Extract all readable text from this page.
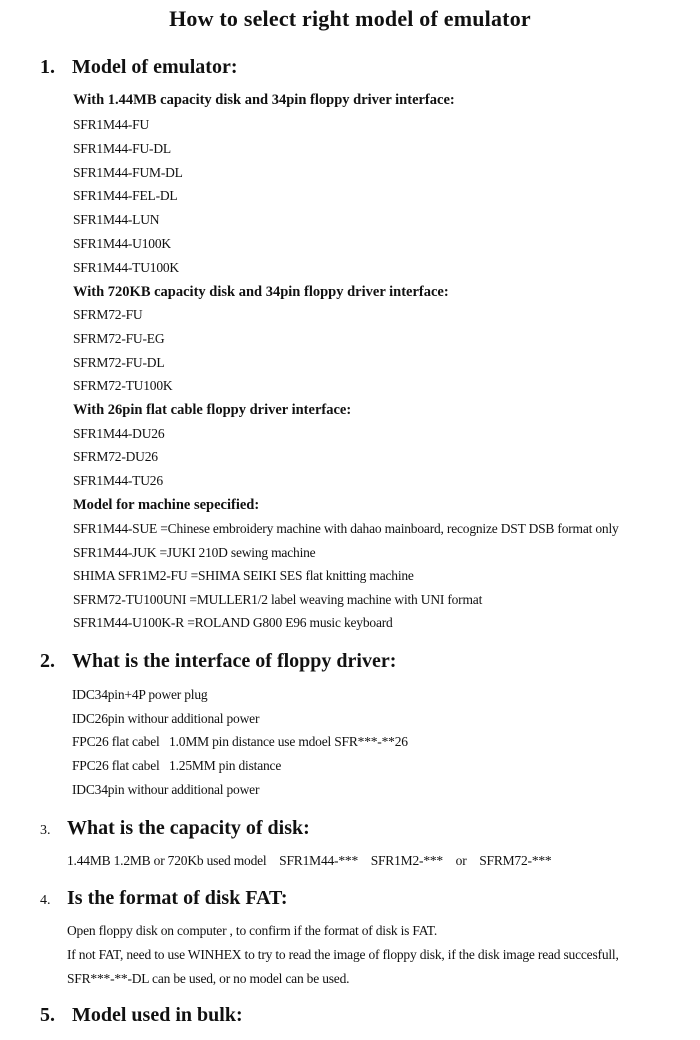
How to select right model of emulator
1. Model of emulator:
With 1.44MB capacity disk and 34pin floppy driver interface:
SFR1M44-FU
SFR1M44-FU-DL
SFR1M44-FUM-DL
SFR1M44-FEL-DL
SFR1M44-LUN
SFR1M44-U100K
SFR1M44-TU100K
With 720KB capacity disk and 34pin floppy driver interface:
SFRM72-FU
SFRM72-FU-EG
SFRM72-FU-DL
SFRM72-TU100K
With 26pin flat cable floppy driver interface:
SFR1M44-DU26
SFRM72-DU26
SFR1M44-TU26
Model for machine sepecified:
SFR1M44-SUE =Chinese embroidery machine with dahao mainboard, recognize DST DSB format only
SFR1M44-JUK =JUKI 210D sewing machine
SHIMA SFR1M2-FU =SHIMA SEIKI SES flat knitting machine
SFRM72-TU100UNI =MULLER1/2 label weaving machine with UNI format
SFR1M44-U100K-R =ROLAND G800 E96 music keyboard
2. What is the interface of floppy driver:
IDC34pin+4P power plug
IDC26pin withour additional power
FPC26 flat cabel   1.0MM pin distance use mdoel SFR***-**26
FPC26 flat cabel   1.25MM pin distance
IDC34pin withour additional power
3. What is the capacity of disk:
1.44MB 1.2MB or 720Kb used model    SFR1M44-***    SFR1M2-***    or    SFRM72-***
4. Is the format of disk FAT:
Open floppy disk on computer , to confirm if the format of disk is FAT.
If not FAT, need to use WINHEX to try to read the image of floppy disk, if the disk image read succesfull,
SFR***-**-DL can be used, or no model can be used.
5. Model used in bulk:
